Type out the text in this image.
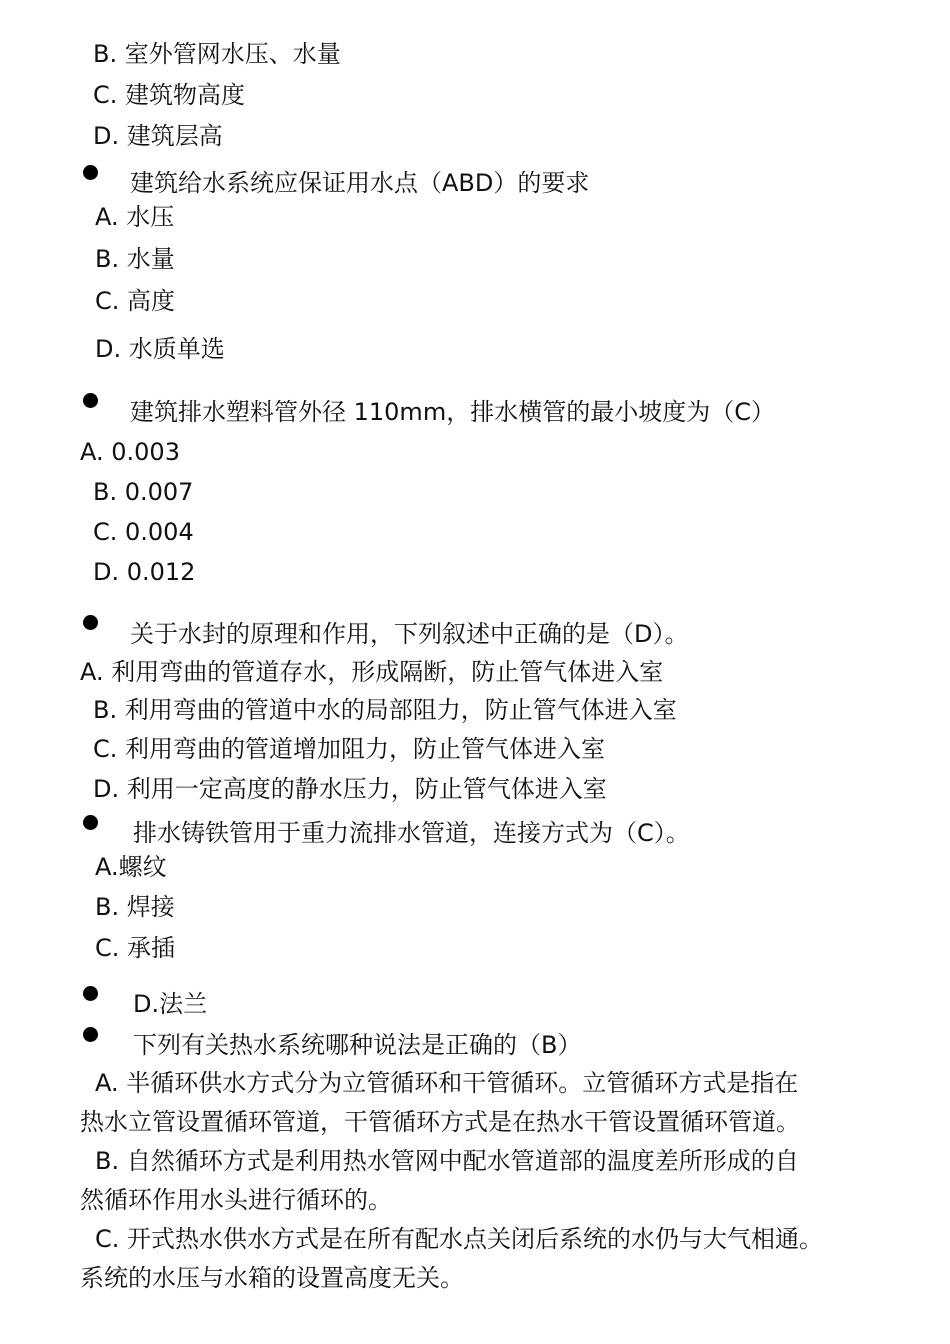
B. 室外管网水压、水量
C. 建筑物高度
D. 建筑层高
建筑给水系统应保证用水点（ABD）的要求
A. 水压
B. 水量
C. 高度
D. 水质单选
建筑排水塑料管外径 110mm，排水横管的最小坡度为（C）
A. 0.003
B. 0.007
C. 0.004
D. 0.012
关于水封的原理和作用，下列叙述中正确的是（D）。
A. 利用弯曲的管道存水，形成隔断，防止管气体进入室
B. 利用弯曲的管道中水的局部阻力，防止管气体进入室
C. 利用弯曲的管道增加阻力，防止管气体进入室
D. 利用一定高度的静水压力，防止管气体进入室
排水铸铁管用于重力流排水管道，连接方式为（C）。
A.螺纹
B. 焊接
C. 承插
D.法兰
下列有关热水系统哪种说法是正确的（B）
A. 半循环供水方式分为立管循环和干管循环。立管循环方式是指在
热水立管设置循环管道，干管循环方式是在热水干管设置循环管道。
B. 自然循环方式是利用热水管网中配水管道部的温度差所形成的自
然循环作用水头进行循环的。
C. 开式热水供水方式是在所有配水点关闭后系统的水仍与大气相通。
系统的水压与水箱的设置高度无关。
